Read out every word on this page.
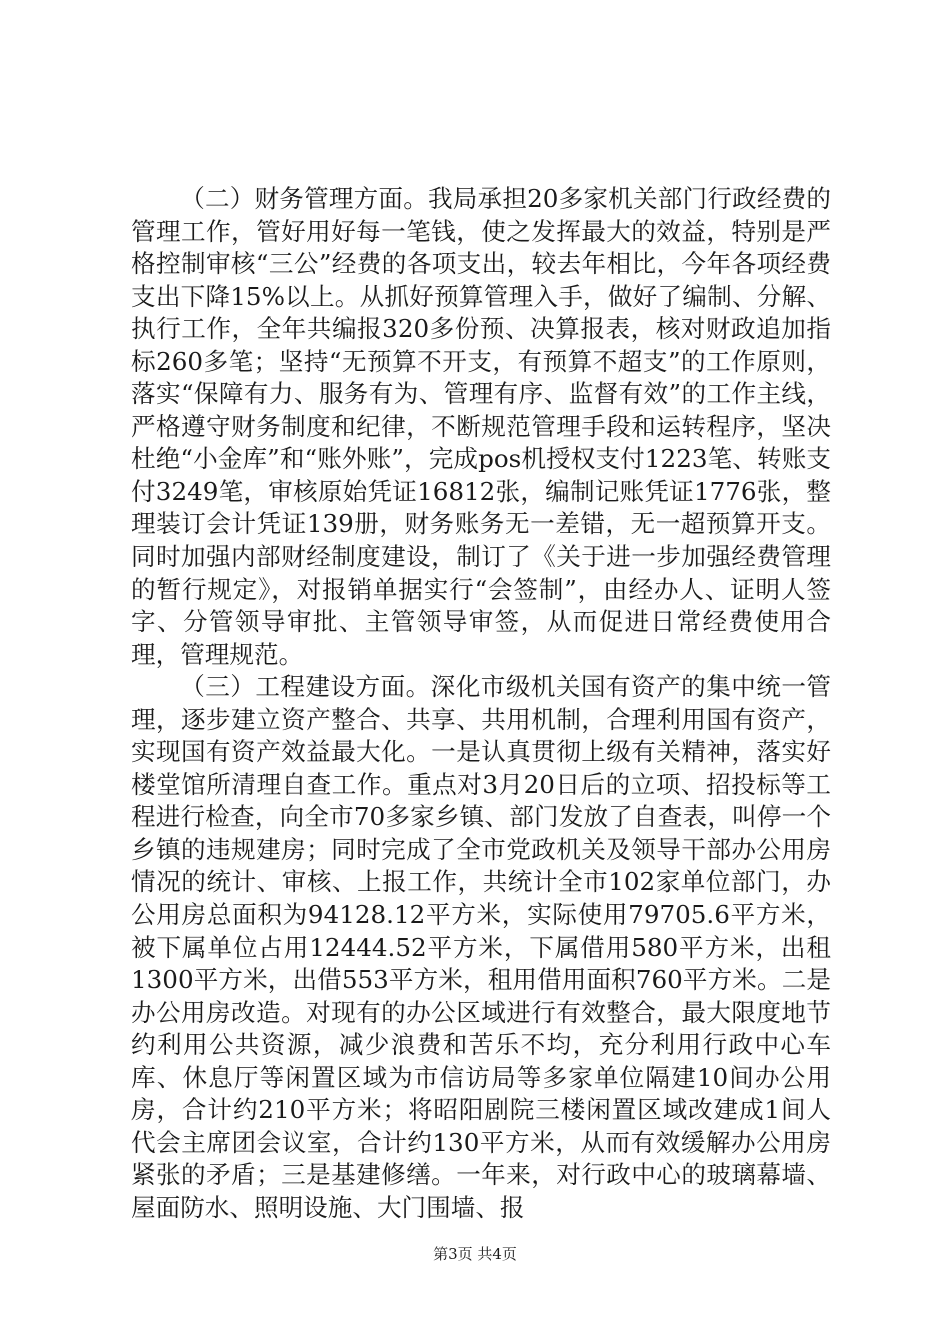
（二）财务管理方面。我局承担20多家机关部门行政经费的管理工作，管好用好每一笔钱，使之发挥最大的效益，特别是严格控制审核“三公”经费的各项支出，较去年相比，今年各项经费支出下降15%以上。从抓好预算管理入手，做好了编制、分解、执行工作，全年共编报320多份预、决算报表，核对财政追加指标260多笔；坚持“无预算不开支，有预算不超支”的工作原则，落实“保障有力、服务有为、管理有序、监督有效”的工作主线，严格遵守财务制度和纪律，不断规范管理手段和运转程序，坚决杜绝“小金库”和“账外账”，完成pos机授权支付1223笔、转账支付3249笔，审核原始凭证16812张，编制记账凭证1776张，整理装订会计凭证139册，财务账务无一差错，无一超预算开支。同时加强内部财经制度建设，制订了《关于进一步加强经费管理的暂行规定》，对报销单据实行“会签制”，由经办人、证明人签字、分管领导审批、主管领导审签，从而促进日常经费使用合理，管理规范。

（三）工程建设方面。深化市级机关国有资产的集中统一管理，逐步建立资产整合、共享、共用机制，合理利用国有资产，实现国有资产效益最大化。一是认真贯彻上级有关精神，落实好楼堂馆所清理自查工作。重点对3月20日后的立项、招投标等工程进行检查，向全市70多家乡镇、部门发放了自查表，叫停一个乡镇的违规建房；同时完成了全市党政机关及领导干部办公用房情况的统计、审核、上报工作，共统计全市102家单位部门，办公用房总面积为94128.12平方米，实际使用79705.6平方米，被下属单位占用12444.52平方米，下属借用580平方米，出租1300平方米，出借553平方米，租用借用面积760平方米。二是办公用房改造。对现有的办公区域进行有效整合，最大限度地节约利用公共资源，减少浪费和苦乐不均，充分利用行政中心车库、休息厅等闲置区域为市信访局等多家单位隔建10间办公用房，合计约210平方米；将昭阳剧院三楼闲置区域改建成1间人代会主席团会议室，合计约130平方米，从而有效缓解办公用房紧张的矛盾；三是基建修缮。一年来，对行政中心的玻璃幕墙、屋面防水、照明设施、大门围墙、报

第3页 共4页
